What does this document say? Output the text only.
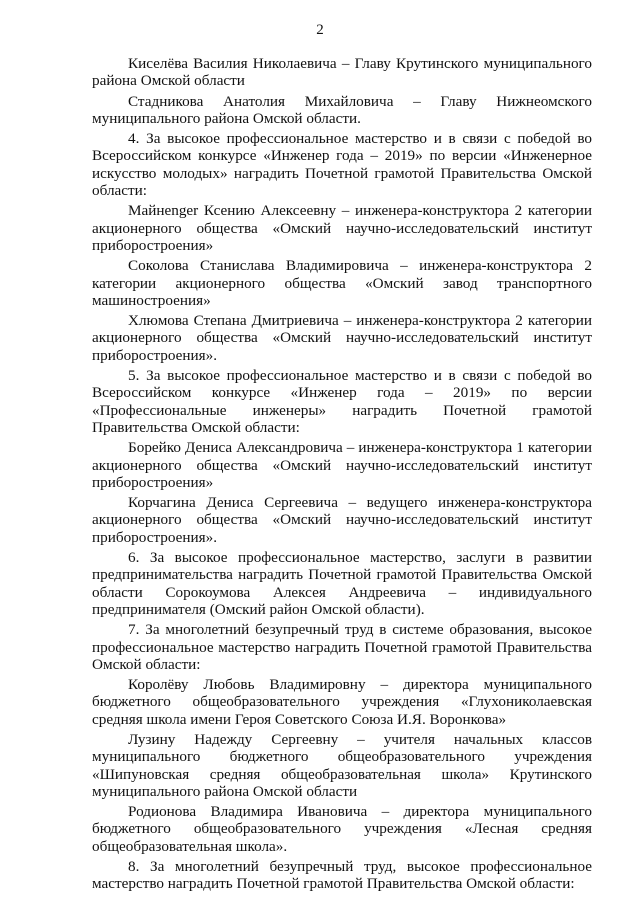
2

Киселёва Василия Николаевича – Главу Крутинского муниципального района Омской области

Стадникова Анатолия Михайловича – Главу Нижнеомского муниципального района Омской области.

4. За высокое профессиональное мастерство и в связи с победой во Всероссийском конкурсе «Инженер года – 2019» по версии «Инженерное искусство молодых» наградить Почетной грамотой Правительства Омской области:

Майнenger Ксению Алексеевну – инженера-конструктора 2 категории акционерного общества «Омский научно-исследовательский институт приборостроения»

Соколова Станислава Владимировича – инженера-конструктора 2 категории акционерного общества «Омский завод транспортного машиностроения»

Хлюмова Степана Дмитриевича – инженера-конструктора 2 категории акционерного общества «Омский научно-исследовательский институт приборостроения».

5. За высокое профессиональное мастерство и в связи с победой во Всероссийском конкурсе «Инженер года – 2019» по версии «Профессиональные инженеры» наградить Почетной грамотой Правительства Омской области:

Борейко Дениса Александровича – инженера-конструктора 1 категории акционерного общества «Омский научно-исследовательский институт приборостроения»

Корчагина Дениса Сергеевича – ведущего инженера-конструктора акционерного общества «Омский научно-исследовательский институт приборостроения».

6. За высокое профессиональное мастерство, заслуги в развитии предпринимательства наградить Почетной грамотой Правительства Омской области Сорокоумова Алексея Андреевича – индивидуального предпринимателя (Омский район Омской области).

7. За многолетний безупречный труд в системе образования, высокое профессиональное мастерство наградить Почетной грамотой Правительства Омской области:

Королёву Любовь Владимировну – директора муниципального бюджетного общеобразовательного учреждения «Глухониколаевская средняя школа имени Героя Советского Союза И.Я. Воронкова»

Лузину Надежду Сергеевну – учителя начальных классов муниципального бюджетного общеобразовательного учреждения «Шипуновская средняя общеобразовательная школа» Крутинского муниципального района Омской области

Родионова Владимира Ивановича – директора муниципального бюджетного общеобразовательного учреждения «Лесная средняя общеобразовательная школа».

8. За многолетний безупречный труд, высокое профессиональное мастерство наградить Почетной грамотой Правительства Омской области:
